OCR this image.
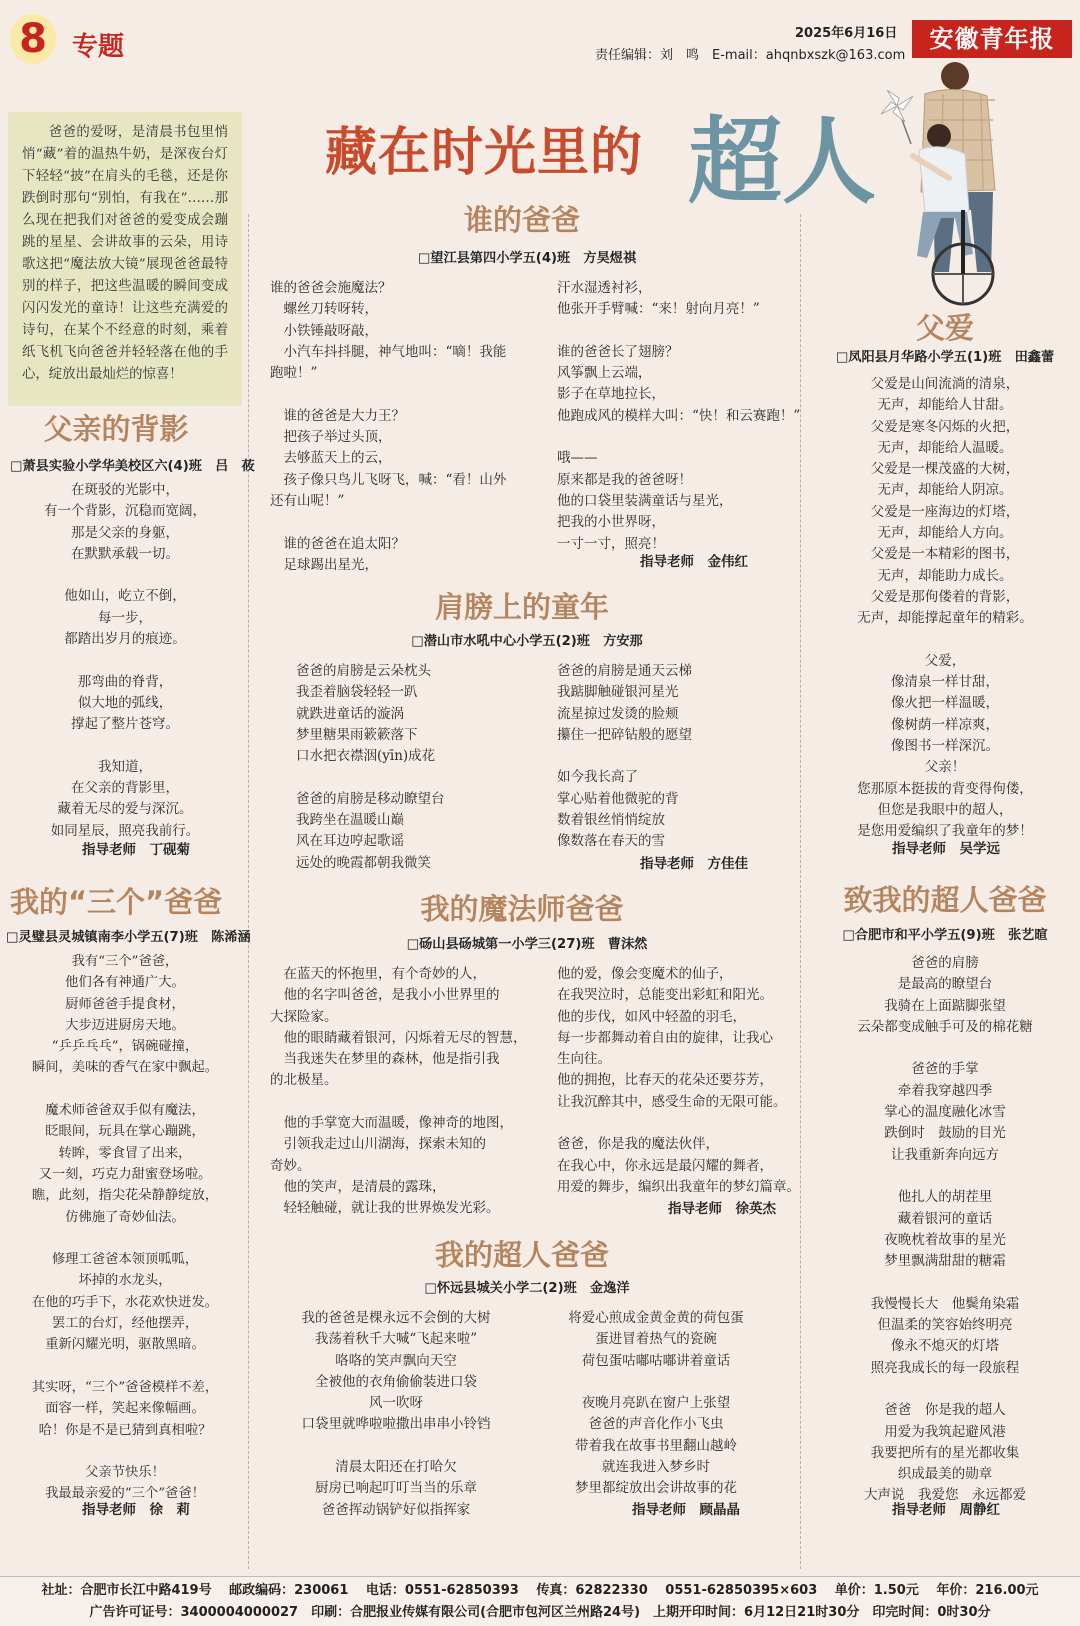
8 专题	2025年6月16日
责任编辑：刘　鸣　E-mail：ahqnbxszk@163.com
安徽青年报
爸爸的爱呀，是清晨书包里悄悄“藏”着的温热牛奶，是深夜台灯下轻轻“披”在肩头的毛毯，还是你跌倒时那句“别怕，有我在”……那么现在把我们对爸爸的爱变成会蹦跳的星星、会讲故事的云朵，用诗歌这把“魔法放大镜”展现爸爸最特别的样子，把这些温暖的瞬间变成闪闪发光的童诗！让这些充满爱的诗句，在某个不经意的时刻，乘着纸飞机飞向爸爸并轻轻落在他的手心，绽放出最灿烂的惊喜！
藏在时光里的 超人
父亲的背影
□萧县实验小学华美校区六(4)班　吕　莜

在斑驳的光影中，

有一个背影，沉稳而宽阔，

那是父亲的身躯，

在默默承载一切。

他如山，屹立不倒，

每一步，

都踏出岁月的痕迹。

那弯曲的脊背，

似大地的弧线，

撑起了整片苍穹。

我知道，

在父亲的背影里，

藏着无尽的爱与深沉。

如同星辰，照亮我前行。

指导老师　丁砚菊
我的“三个”爸爸
□灵璧县灵城镇南李小学五(7)班　陈浠涵

我有“三个”爸爸，

他们各有神通广大。

厨师爸爸手提食材，

大步迈进厨房天地。

“乒乒乓乓”，锅碗碰撞，

瞬间，美味的香气在家中飘起。

魔术师爸爸双手似有魔法，

眨眼间，玩具在掌心蹦跳，

转眸，零食冒了出来，

又一刻，巧克力甜蜜登场啦。

瞧，此刻，指尖花朵静静绽放，

仿佛施了奇妙仙法。

修理工爸爸本领顶呱呱，

坏掉的水龙头，

在他的巧手下，水花欢快迸发。

罢工的台灯，经他摆弄，

重新闪耀光明，驱散黑暗。

其实呀，“三个”爸爸模样不差，

面容一样，笑起来像幅画。

哈！你是不是已猜到真相啦？

父亲节快乐！

我最最亲爱的“三个”爸爸！

指导老师　徐　莉
谁的爸爸
□望江县第四小学五(4)班　方昊煜祺

谁的爸爸会施魔法？

　螺丝刀转呀转，

　小铁锤敲呀敲，

　小汽车抖抖腿，神气地叫：“嘀！我能

跑啦！”

　谁的爸爸是大力王？

　把孩子举过头顶，

　去够蓝天上的云，

　孩子像只鸟儿飞呀飞，喊：“看！山外

还有山呢！”

　谁的爸爸在追太阳？

　足球踢出星光，

汗水湿透衬衫，

他张开手臂喊：“来！射向月亮！”

谁的爸爸长了翅膀？

风筝飘上云端，

影子在草地拉长，

他跑成风的模样大叫：“快！和云赛跑！”

哦——

原来都是我的爸爸呀！

他的口袋里装满童话与星光，

把我的小世界呀，

一寸一寸，照亮！

指导老师　金伟红
肩膀上的童年
□潜山市水吼中心小学五(2)班　方安那

爸爸的肩膀是云朵枕头

我歪着脑袋轻轻一趴

就跌进童话的漩涡

梦里糖果雨簌簌落下

口水把衣襟洇(yīn)成花

爸爸的肩膀是移动瞭望台

我跨坐在温暖山巅

风在耳边哼起歌谣

远处的晚霞都朝我微笑

爸爸的肩膀是通天云梯

我踮脚触碰银河星光

流星掠过发烫的脸颊

攥住一把碎钻般的愿望

如今我长高了

掌心贴着他微驼的背

数着银丝悄悄绽放

像数落在春天的雪

指导老师　方佳佳
我的魔法师爸爸
□砀山县砀城第一小学三(27)班　曹沫然

　在蓝天的怀抱里，有个奇妙的人，

　他的名字叫爸爸，是我小小世界里的

大探险家。

　他的眼睛藏着银河，闪烁着无尽的智慧，

　当我迷失在梦里的森林，他是指引我

的北极星。

　他的手掌宽大而温暖，像神奇的地图，

　引领我走过山川湖海，探索未知的

奇妙。

　他的笑声，是清晨的露珠，

　轻轻触碰，就让我的世界焕发光彩。

他的爱，像会变魔术的仙子，

在我哭泣时，总能变出彩虹和阳光。

他的步伐，如风中轻盈的羽毛，

每一步都舞动着自由的旋律，让我心

生向往。

他的拥抱，比春天的花朵还要芬芳，

让我沉醉其中，感受生命的无限可能。

爸爸，你是我的魔法伙伴，

在我心中，你永远是最闪耀的舞者，

用爱的舞步，编织出我童年的梦幻篇章。

指导老师　徐英杰
我的超人爸爸
□怀远县城关小学二(2)班　金逸洋

我的爸爸是棵永远不会倒的大树

我荡着秋千大喊“飞起来啦”

咯咯的笑声飘向天空

全被他的衣角偷偷装进口袋

风一吹呀

口袋里就哗啦啦撒出串串小铃铛

清晨太阳还在打哈欠

厨房已响起叮叮当当的乐章

爸爸挥动锅铲好似指挥家

将爱心煎成金黄金黄的荷包蛋

蛋进冒着热气的瓷碗

荷包蛋咕嘟咕嘟讲着童话

夜晚月亮趴在窗户上张望

爸爸的声音化作小飞虫

带着我在故事书里翻山越岭

就连我进入梦乡时

梦里都绽放出会讲故事的花

指导老师　顾晶晶
父爱
□凤阳县月华路小学五(1)班　田鑫蕾

父爱是山间流淌的清泉，

无声，却能给人甘甜。

父爱是寒冬闪烁的火把，

无声，却能给人温暖。

父爱是一棵茂盛的大树，

无声，却能给人阴凉。

父爱是一座海边的灯塔，

无声，却能给人方向。

父爱是一本精彩的图书，

无声，却能助力成长。

父爱是那佝偻着的背影，

无声，却能撑起童年的精彩。

父爱，

像清泉一样甘甜，

像火把一样温暖，

像树荫一样凉爽，

像图书一样深沉。

父亲！

您那原本挺拔的背变得佝偻，

但您是我眼中的超人，

是您用爱编织了我童年的梦！

指导老师　吴学远
致我的超人爸爸
□合肥市和平小学五(9)班　张艺暄

爸爸的肩膀

是最高的瞭望台

我骑在上面踮脚张望

云朵都变成触手可及的棉花糖

爸爸的手掌

牵着我穿越四季

掌心的温度融化冰雪

跌倒时　鼓励的目光

让我重新奔向远方

他扎人的胡茬里

藏着银河的童话

夜晚枕着故事的星光

梦里飘满甜甜的糖霜

我慢慢长大　他鬓角染霜

但温柔的笑容始终明亮

像永不熄灭的灯塔

照亮我成长的每一段旅程

爸爸　你是我的超人

用爱为我筑起避风港

我要把所有的星光都收集

织成最美的勋章

大声说　我爱您　永远都爱

指导老师　周静红
社址：合肥市长江中路419号　 邮政编码：230061　 电话：0551-62850393　 传真：62822330　 0551-62850395×603　 单价：1.50元　 年价：216.00元
广告许可证号：3400004000027　印刷：合肥报业传媒有限公司(合肥市包河区兰州路24号)　上期开印时间：6月12日21时30分　印完时间：0时30分
